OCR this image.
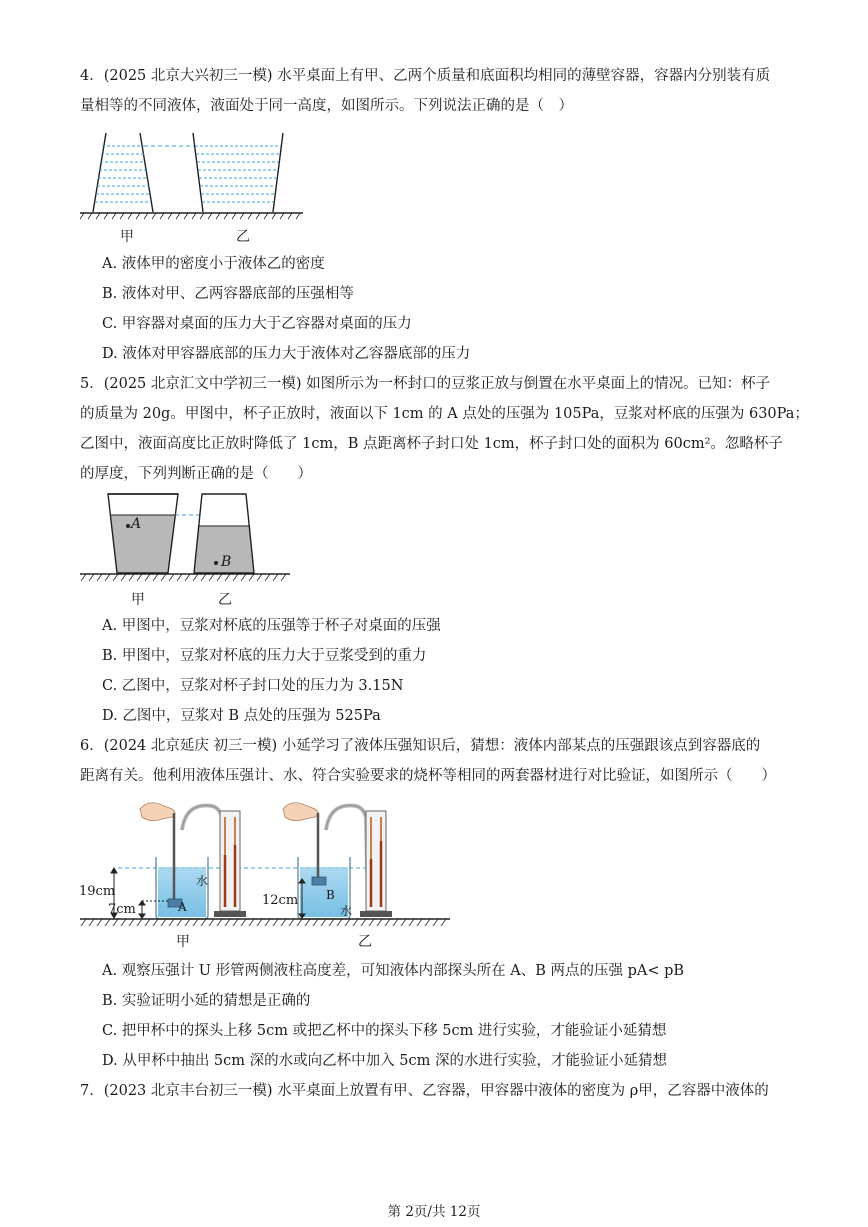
4．(2025 北京大兴初三一模) 水平桌面上有甲、乙两个质量和底面积均相同的薄壁容器，容器内分别装有质
量相等的不同液体，液面处于同一高度，如图所示。下列说法正确的是（　）
甲	乙
A. 液体甲的密度小于液体乙的密度
B. 液体对甲、乙两容器底部的压强相等
C. 甲容器对桌面的压力大于乙容器对桌面的压力
D. 液体对甲容器底部的压力大于液体对乙容器底部的压力
5．(2025 北京汇文中学初三一模) 如图所示为一杯封口的豆浆正放与倒置在水平桌面上的情况。已知：杯子
的质量为 20g。甲图中，杯子正放时，液面以下 1cm 的 A 点处的压强为 105Pa，豆浆对杯底的压强为 630Pa；
乙图中，液面高度比正放时降低了 1cm，B 点距离杯子封口处 1cm，杯子封口处的面积为 60cm²。忽略杯子
的厚度，下列判断正确的是（　　）
A
B
甲	乙
A. 甲图中，豆浆对杯底的压强等于杯子对桌面的压强
B. 甲图中，豆浆对杯底的压力大于豆浆受到的重力
C. 乙图中，豆浆对杯子封口处的压力为 3.15N
D. 乙图中，豆浆对 B 点处的压强为 525Pa
6．(2024 北京延庆 初三一模) 小延学习了液体压强知识后，猜想：液体内部某点的压强跟该点到容器底的
距离有关。他利用液体压强计、水、符合实验要求的烧杯等相同的两套器材进行对比验证，如图所示（　　）
19cm
7cm
12cm
A
B
水
水
甲	乙
A. 观察压强计 U 形管两侧液柱高度差，可知液体内部探头所在 A、B 两点的压强 pA< pB
B. 实验证明小延的猜想是正确的
C. 把甲杯中的探头上移 5cm 或把乙杯中的探头下移 5cm 进行实验，才能验证小延猜想
D. 从甲杯中抽出 5cm 深的水或向乙杯中加入 5cm 深的水进行实验，才能验证小延猜想
7．(2023 北京丰台初三一模) 水平桌面上放置有甲、乙容器，甲容器中液体的密度为 ρ甲，乙容器中液体的
第 2页/共 12页
